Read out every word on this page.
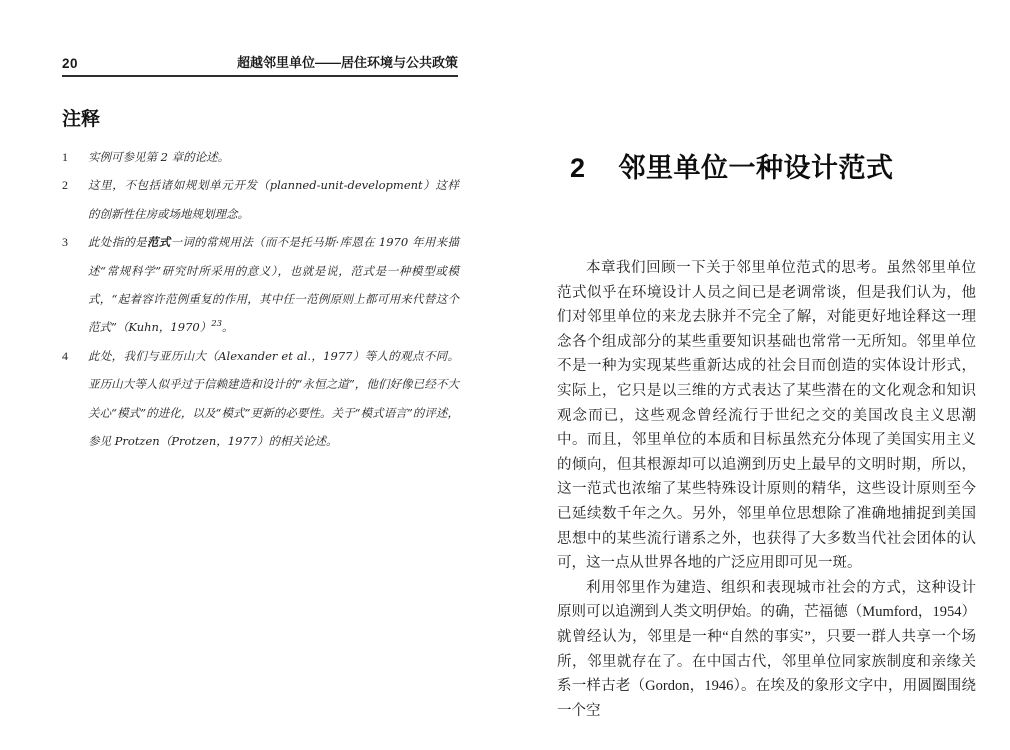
20	超越邻里单位——居住环境与公共政策
注释
1	实例可参见第 2 章的论述。
2	这里，不包括诸如规划单元开发（planned-unit-development）这样的创新性住房或场地规划理念。
3	此处指的是范式一词的常规用法（而不是托马斯·库恩在 1970 年用来描述“常规科学”研究时所采用的意义），也就是说，范式是一种模型或模式，“起着容许范例重复的作用，其中任一范例原则上都可用来代替这个范式”（Kuhn，1970）$^{23}$。
4	此处，我们与亚历山大（Alexander et al.，1977）等人的观点不同。亚历山大等人似乎过于信赖建造和设计的“永恒之道”，他们好像已经不大关心“模式”的进化，以及“模式”更新的必要性。关于“模式语言”的评述，参见 Protzen（Protzen，1977）的相关论述。
2 邻里单位一种设计范式

本章我们回顾一下关于邻里单位范式的思考。虽然邻里单位范式似乎在环境设计人员之间已是老调常谈，但是我们认为，他们对邻里单位的来龙去脉并不完全了解，对能更好地诠释这一理念各个组成部分的某些重要知识基础也常常一无所知。邻里单位不是一种为实现某些重新达成的社会目而创造的实体设计形式，实际上，它只是以三维的方式表达了某些潜在的文化观念和知识观念而已，这些观念曾经流行于世纪之交的美国改良主义思潮中。而且，邻里单位的本质和目标虽然充分体现了美国实用主义的倾向，但其根源却可以追溯到历史上最早的文明时期，所以，这一范式也浓缩了某些特殊设计原则的精华，这些设计原则至今已延续数千年之久。另外，邻里单位思想除了准确地捕捉到美国思想中的某些流行谱系之外，也获得了大多数当代社会团体的认可，这一点从世界各地的广泛应用即可见一斑。

利用邻里作为建造、组织和表现城市社会的方式，这种设计原则可以追溯到人类文明伊始。的确，芒福德（Mumford，1954）就曾经认为，邻里是一种“自然的事实”，只要一群人共享一个场所，邻里就存在了。在中国古代，邻里单位同家族制度和亲缘关系一样古老（Gordon，1946）。在埃及的象形文字中，用圆圈围绕一个空
